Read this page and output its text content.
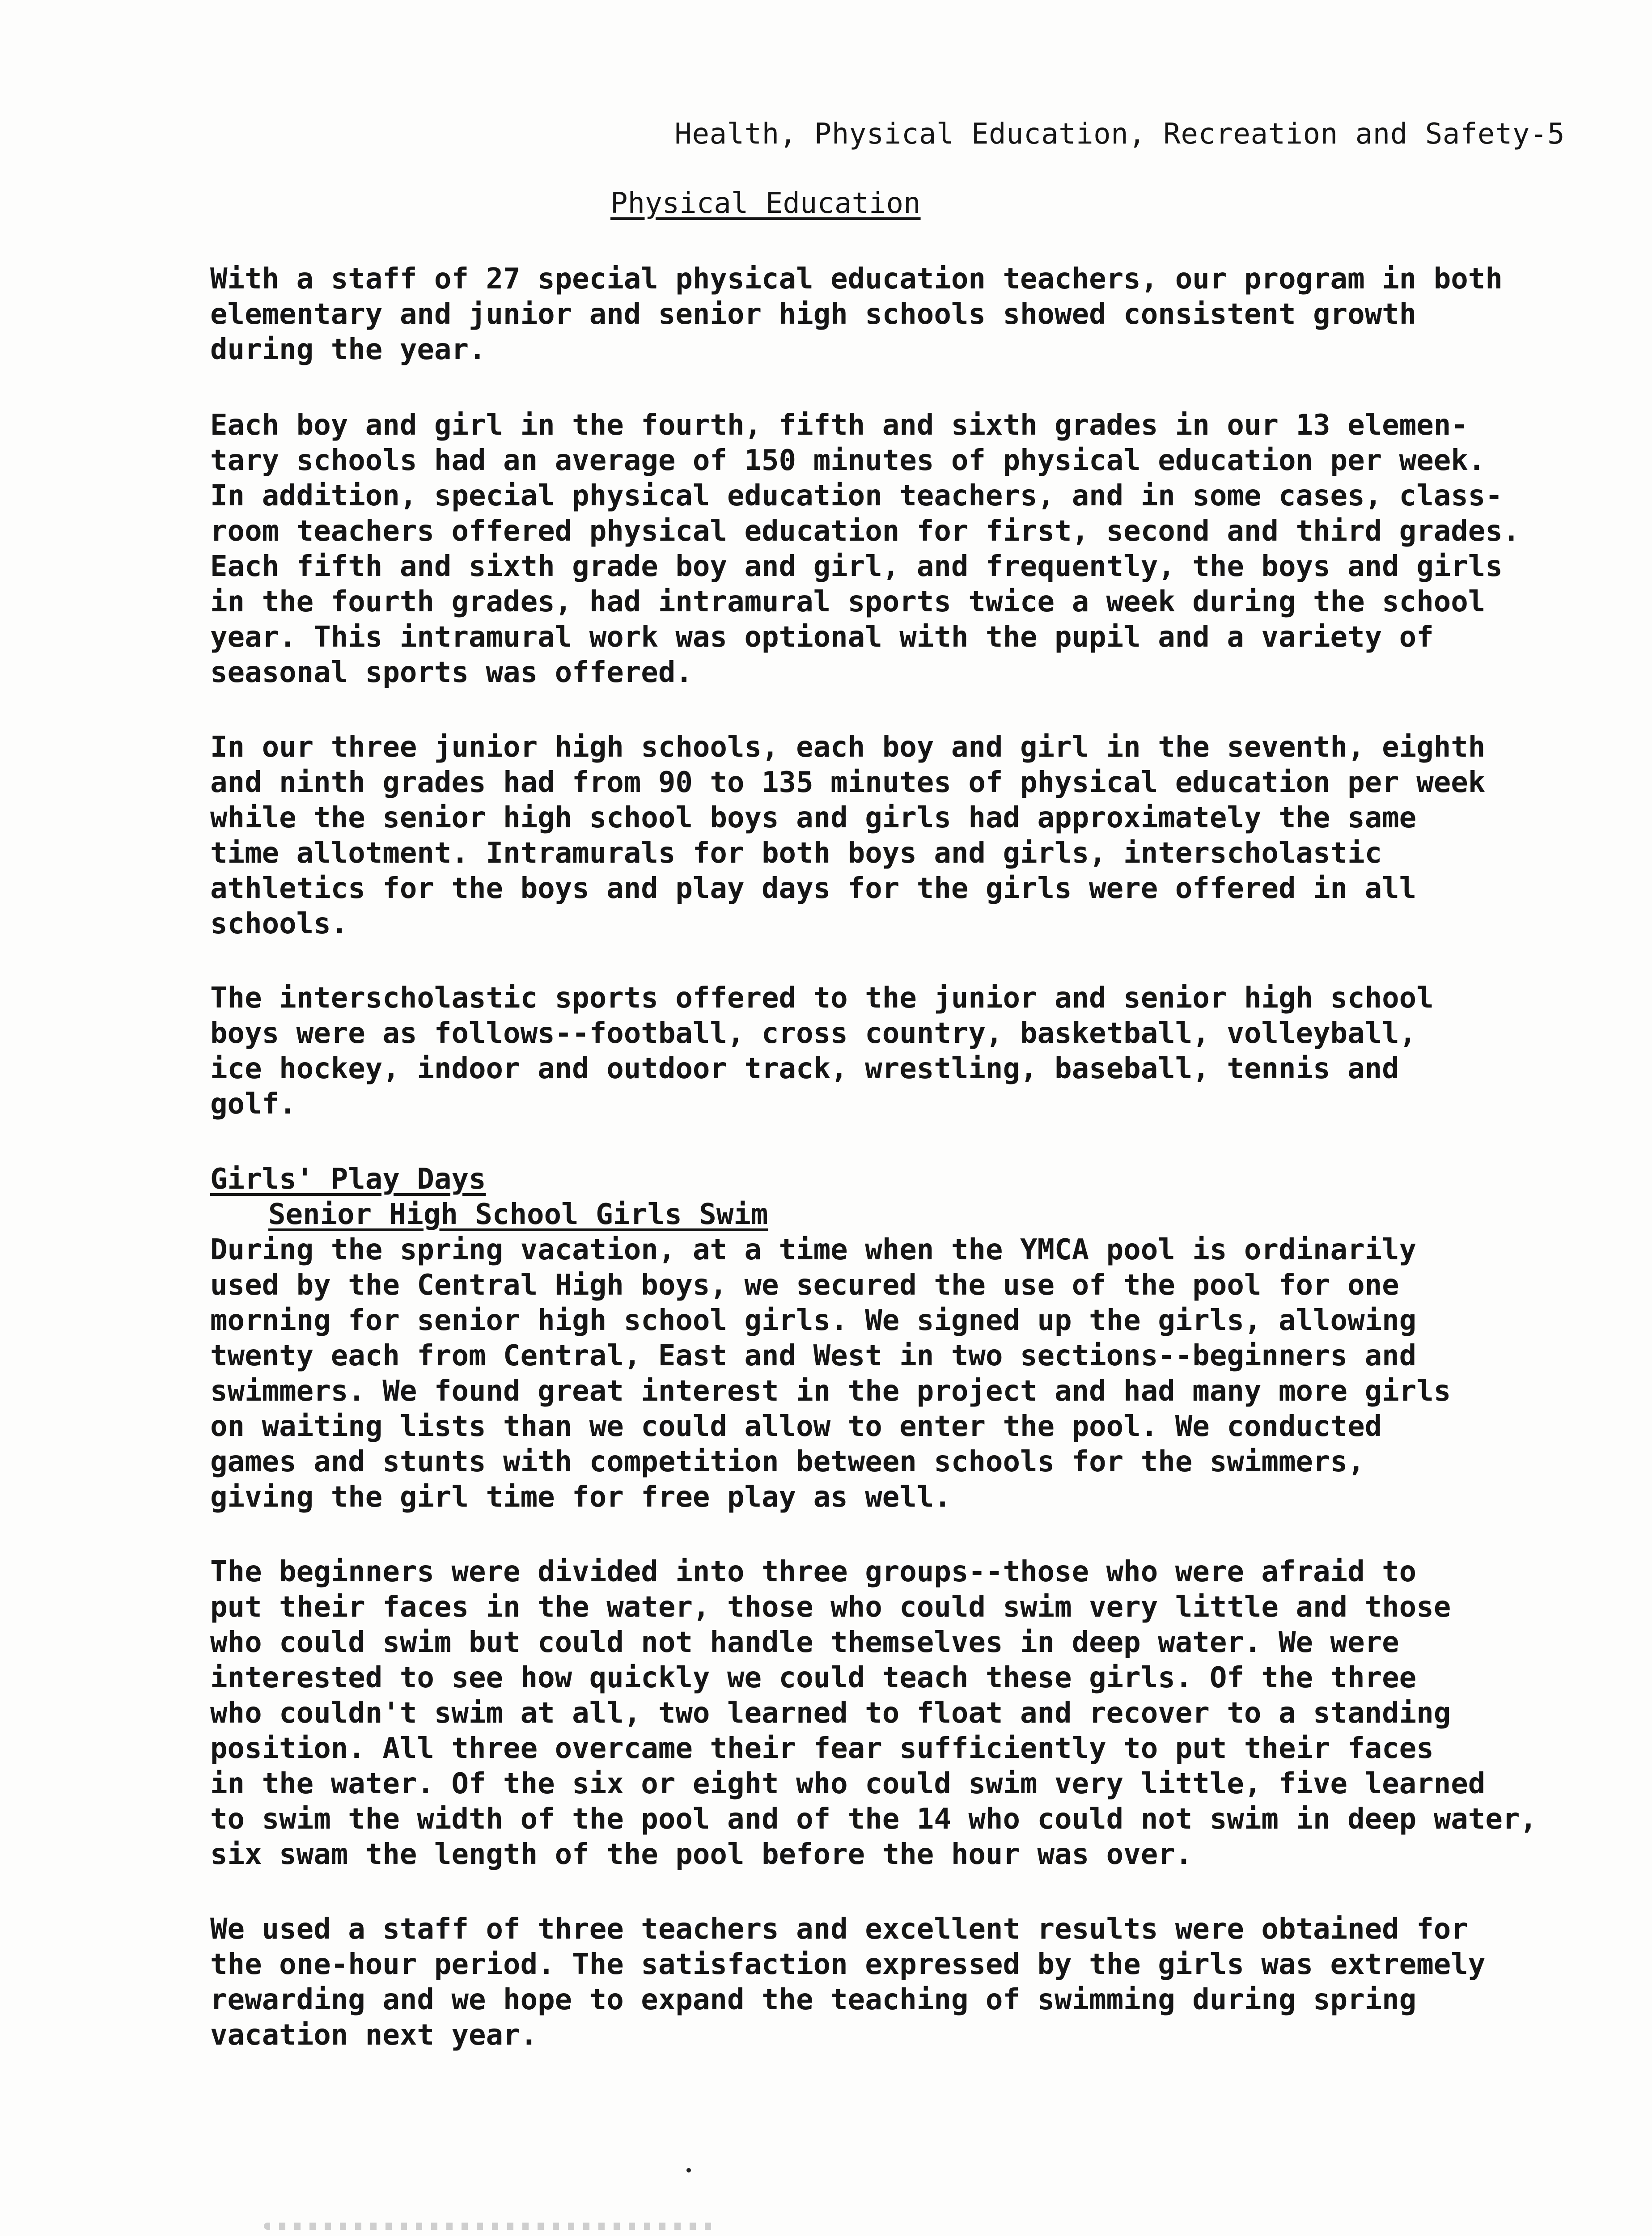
Health, Physical Education, Recreation and Safety-5
Physical Education
With a staff of 27 special physical education teachers, our program in both
elementary and junior and senior high schools showed consistent growth
during the year.
Each boy and girl in the fourth, fifth and sixth grades in our 13 elemen-
tary schools had an average of 150 minutes of physical education per week.
In addition, special physical education teachers, and in some cases, class-
room teachers offered physical education for first, second and third grades.
Each fifth and sixth grade boy and girl, and frequently, the boys and girls
in the fourth grades, had intramural sports twice a week during the school
year. This intramural work was optional with the pupil and a variety of
seasonal sports was offered.
In our three junior high schools, each boy and girl in the seventh, eighth
and ninth grades had from 90 to 135 minutes of physical education per week
while the senior high school boys and girls had approximately the same
time allotment. Intramurals for both boys and girls, interscholastic
athletics for the boys and play days for the girls were offered in all
schools.
The interscholastic sports offered to the junior and senior high school
boys were as follows--football, cross country, basketball, volleyball,
ice hockey, indoor and outdoor track, wrestling, baseball, tennis and
golf.
Girls' Play Days
Senior High School Girls Swim
During the spring vacation, at a time when the YMCA pool is ordinarily
used by the Central High boys, we secured the use of the pool for one
morning for senior high school girls. We signed up the girls, allowing
twenty each from Central, East and West in two sections--beginners and
swimmers. We found great interest in the project and had many more girls
on waiting lists than we could allow to enter the pool. We conducted
games and stunts with competition between schools for the swimmers,
giving the girl time for free play as well.
The beginners were divided into three groups--those who were afraid to
put their faces in the water, those who could swim very little and those
who could swim but could not handle themselves in deep water. We were
interested to see how quickly we could teach these girls. Of the three
who couldn't swim at all, two learned to float and recover to a standing
position. All three overcame their fear sufficiently to put their faces
in the water. Of the six or eight who could swim very little, five learned
to swim the width of the pool and of the 14 who could not swim in deep water,
six swam the length of the pool before the hour was over.
We used a staff of three teachers and excellent results were obtained for
the one-hour period. The satisfaction expressed by the girls was extremely
rewarding and we hope to expand the teaching of swimming during spring
vacation next year.
